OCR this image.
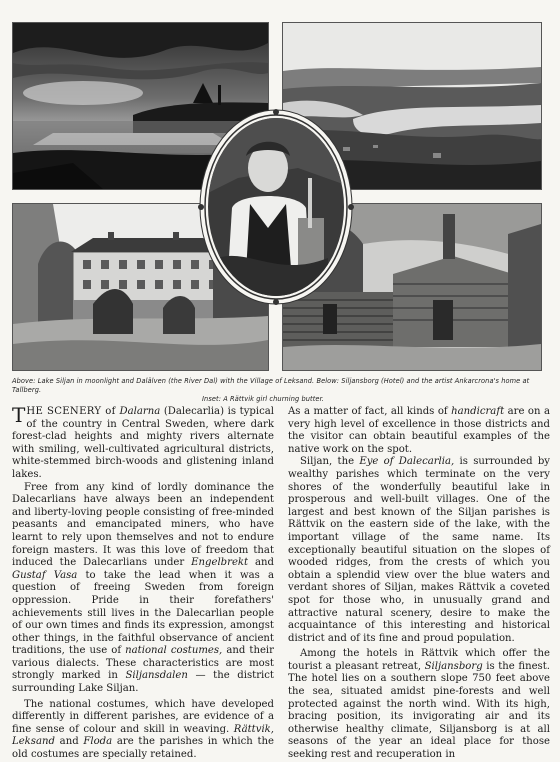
Above: Lake Siljan in moonlight and Dalälven (the River Dal) with the Village of Leksand. Below: Siljansborg (Hotel) and the artist Ankarcrona's home at Tallberg.
Inset: A Rättvik girl churning butter.

THE SCENERY of Dalarna (Dalecarlia) is typical of the country in Central Sweden, where dark forest-clad heights and mighty rivers alternate with smiling, well-cultivated agricultural districts, white-stemmed birch-woods and glistening inland lakes.

Free from any kind of lordly dominance the Dalecarlians have always been an independent and liberty-loving people consisting of free-minded peasants and emancipated miners, who have learnt to rely upon themselves and not to endure foreign masters. It was this love of freedom that induced the Dalecarlians under Engelbrekt and Gustaf Vasa to take the lead when it was a question of freeing Sweden from foreign oppression. Pride in their forefathers' achievements still lives in the Dalecarlian people of our own times and finds its expression, amongst other things, in the faithful observance of ancient traditions, the use of national costumes, and their various dialects. These characteristics are most strongly marked in Siljansdalen — the district surrounding Lake Siljan.

The national costumes, which have developed differently in different parishes, are evidence of a fine sense of colour and skill in weaving. Rättvik, Leksand and Floda are the parishes in which the old costumes are specially retained.

As a matter of fact, all kinds of handicraft are on a very high level of excellence in those districts and the visitor can obtain beautiful examples of the native work on the spot.

Siljan, the Eye of Dalecarlia, is surrounded by wealthy parishes which terminate on the very shores of the wonderfully beautiful lake in prosperous and well-built villages. One of the largest and best known of the Siljan parishes is Rättvik on the eastern side of the lake, with the important village of the same name. Its exceptionally beautiful situation on the slopes of wooded ridges, from the crests of which you obtain a splendid view over the blue waters and verdant shores of Siljan, makes Rättvik a coveted spot for those who, in unusually grand and attractive natural scenery, desire to make the acquaintance of this interesting and historical district and of its fine and proud population.

Among the hotels in Rättvik which offer the tourist a pleasant retreat, Siljansborg is the finest. The hotel lies on a southern slope 750 feet above the sea, situated amidst pine-forests and well protected against the north wind. With its high, bracing position, its invigorating air and its otherwise healthy climate, Siljansborg is at all seasons of the year an ideal place for those seeking rest and recuperation in
